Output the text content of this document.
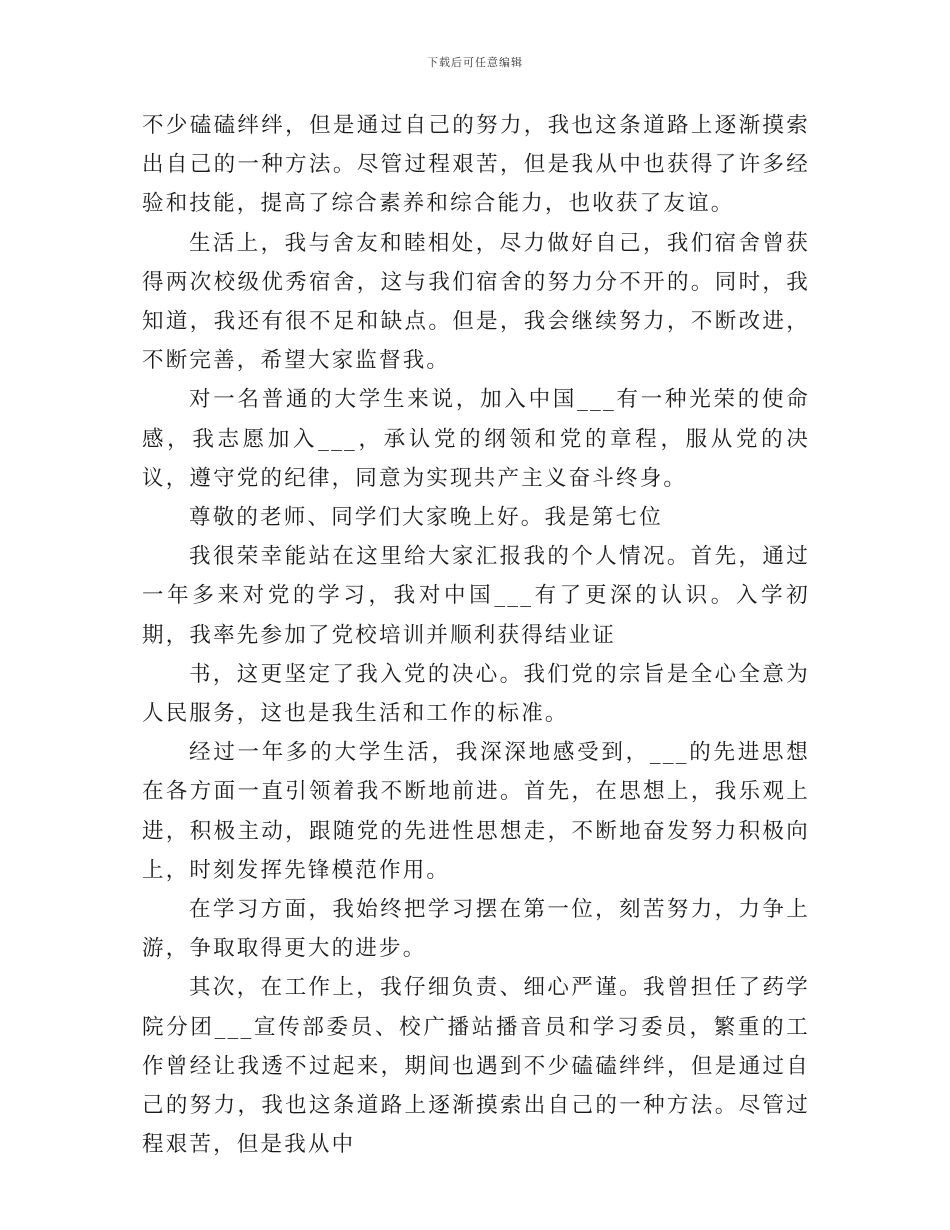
下载后可任意编辑

不少磕磕绊绊，但是通过自己的努力，我也这条道路上逐渐摸索出自己的一种方法。尽管过程艰苦，但是我从中也获得了许多经验和技能，提高了综合素养和综合能力，也收获了友谊。

生活上，我与舍友和睦相处，尽力做好自己，我们宿舍曾获得两次校级优秀宿舍，这与我们宿舍的努力分不开的。同时，我知道，我还有很不足和缺点。但是，我会继续努力，不断改进，不断完善，希望大家监督我。

对一名普通的大学生来说，加入中国___有一种光荣的使命感，我志愿加入___，承认党的纲领和党的章程，服从党的决议，遵守党的纪律，同意为实现共产主义奋斗终身。

尊敬的老师、同学们大家晚上好。我是第七位

我很荣幸能站在这里给大家汇报我的个人情况。首先，通过一年多来对党的学习，我对中国___有了更深的认识。入学初期，我率先参加了党校培训并顺利获得结业证

书，这更坚定了我入党的决心。我们党的宗旨是全心全意为人民服务，这也是我生活和工作的标准。

经过一年多的大学生活，我深深地感受到，___的先进思想在各方面一直引领着我不断地前进。首先，在思想上，我乐观上进，积极主动，跟随党的先进性思想走，不断地奋发努力积极向上，时刻发挥先锋模范作用。

在学习方面，我始终把学习摆在第一位，刻苦努力，力争上游，争取取得更大的进步。

其次，在工作上，我仔细负责、细心严谨。我曾担任了药学院分团___宣传部委员、校广播站播音员和学习委员，繁重的工作曾经让我透不过起来，期间也遇到不少磕磕绊绊，但是通过自己的努力，我也这条道路上逐渐摸索出自己的一种方法。尽管过程艰苦，但是我从中
